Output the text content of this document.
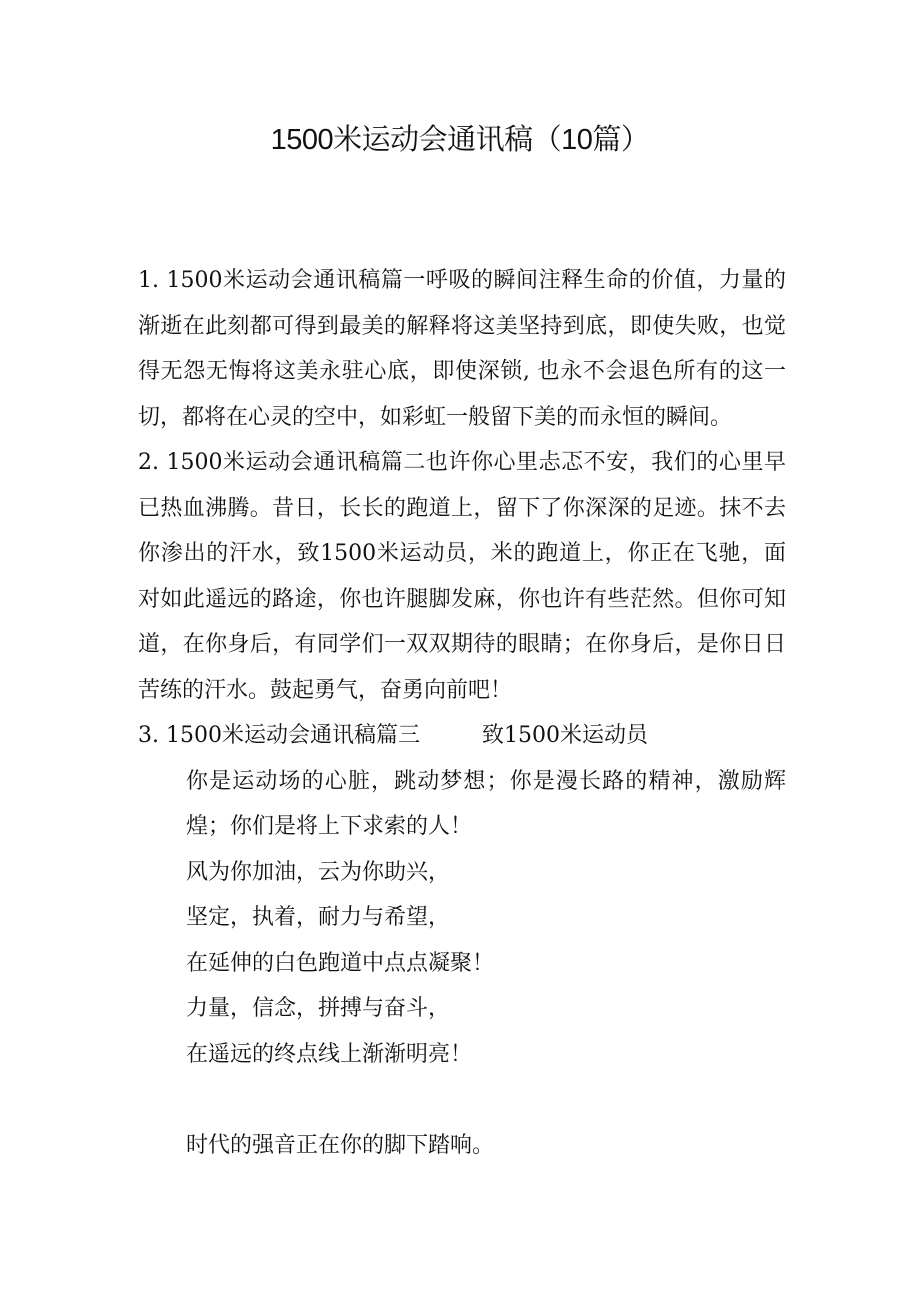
1500米运动会通讯稿（10篇）

1. 1500米运动会通讯稿篇一呼吸的瞬间注释生命的价值，力量的渐逝在此刻都可得到最美的解释将这美坚持到底，即使失败，也觉得无怨无悔将这美永驻心底，即使深锁, 也永不会退色所有的这一切，都将在心灵的空中，如彩虹一般留下美的而永恒的瞬间。

2. 1500米运动会通讯稿篇二也许你心里忐忑不安，我们的心里早已热血沸腾。昔日，长长的跑道上，留下了你深深的足迹。抹不去你渗出的汗水，致1500米运动员，米的跑道上，你正在飞驰，面对如此遥远的路途，你也许腿脚发麻，你也许有些茫然。但你可知道，在你身后，有同学们一双双期待的眼睛；在你身后，是你日日苦练的汗水。鼓起勇气，奋勇向前吧！

3. 1500米运动会通讯稿篇三	致1500米运动员

你是运动场的心脏，跳动梦想；你是漫长路的精神，激励辉煌；你们是将上下求索的人！

风为你加油，云为你助兴，

坚定，执着，耐力与希望，

在延伸的白色跑道中点点凝聚！

力量，信念，拼搏与奋斗，

在遥远的终点线上渐渐明亮！

时代的强音正在你的脚下踏响。
